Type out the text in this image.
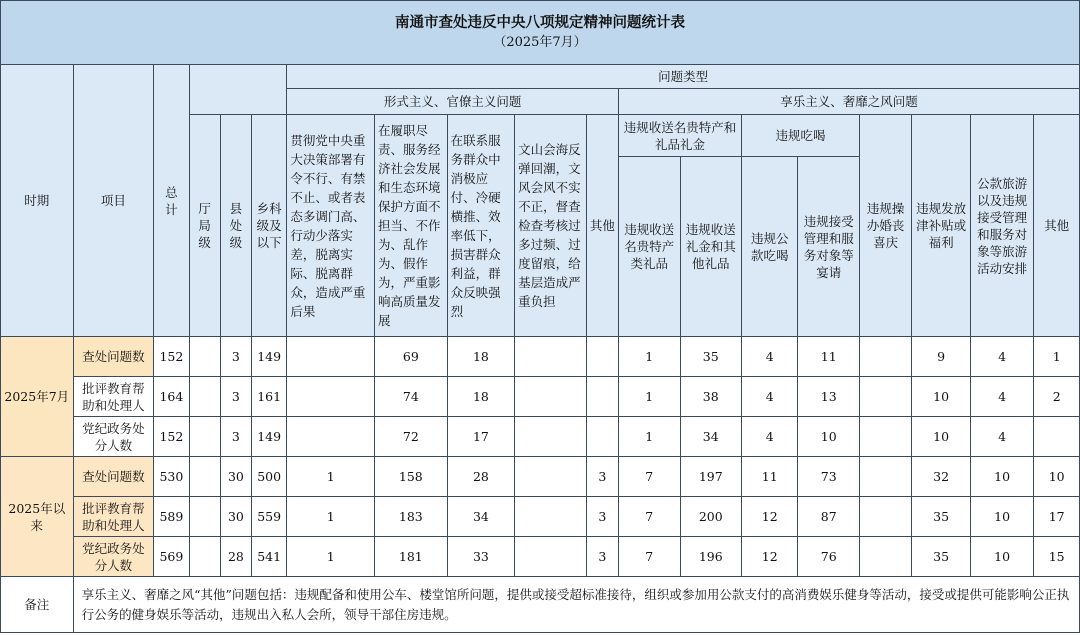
南通市查处违反中央八项规定精神问题统计表
（2025年7月）																		

时期	项目	总 计				问题类型												
						形式主义、官僚主义问题					享乐主义、奢靡之风问题							
			厅局级	县处级	乡科级及以下	贯彻党中央重大决策部署有令不行、有禁不止、或者表态多调门高、行动少落实差，脱离实际、脱离群众，造成严重后果	在履职尽责、服务经济社会发展和生态环境保护方面不担当、不作为、乱作为、假作为，严重影响高质量发展	在联系服务群众中消极应付、冷硬横推、效率低下，损害群众利益，群众反映强烈	文山会海反弹回潮，文风会风不实不正，督查检查考核过多过频、过度留痕，给基层造成严重负担	其他	违规收送名贵特产和礼品礼金		违规吃喝		违规操办婚丧喜庆	违规发放津补贴或福利	公款旅游以及违规接受管理和服务对象等旅游活动安排	其他
											违规收送名贵特产类礼品	违规收送礼金和其他礼品	违规公款吃喝	违规接受管理和服务对象等宴请				
2025年7月	查处问题数	152		3	149		69	18			1	35	4	11		9	4	1
	批评教育帮助和处理人	164		3	161		74	18			1	38	4	13		10	4	2
	党纪政务处分人数	152		3	149		72	17			1	34	4	10		10	4	
2025年以来	查处问题数	530		30	500	1	158	28		3	7	197	11	73		32	10	10
	批评教育帮助和处理人	589		30	559	1	183	34		3	7	200	12	87		35	10	17
	党纪政务处分人数	569		28	541	1	181	33		3	7	196	12	76		35	10	15
备注	享乐主义、奢靡之风“其他”问题包括：违规配备和使用公车、楼堂馆所问题，提供或接受超标准接待，组织或参加用公款支付的高消费娱乐健身等活动，接受或提供可能影响公正执行公务的健身娱乐等活动，违规出入私人会所，领导干部住房违规。																	
